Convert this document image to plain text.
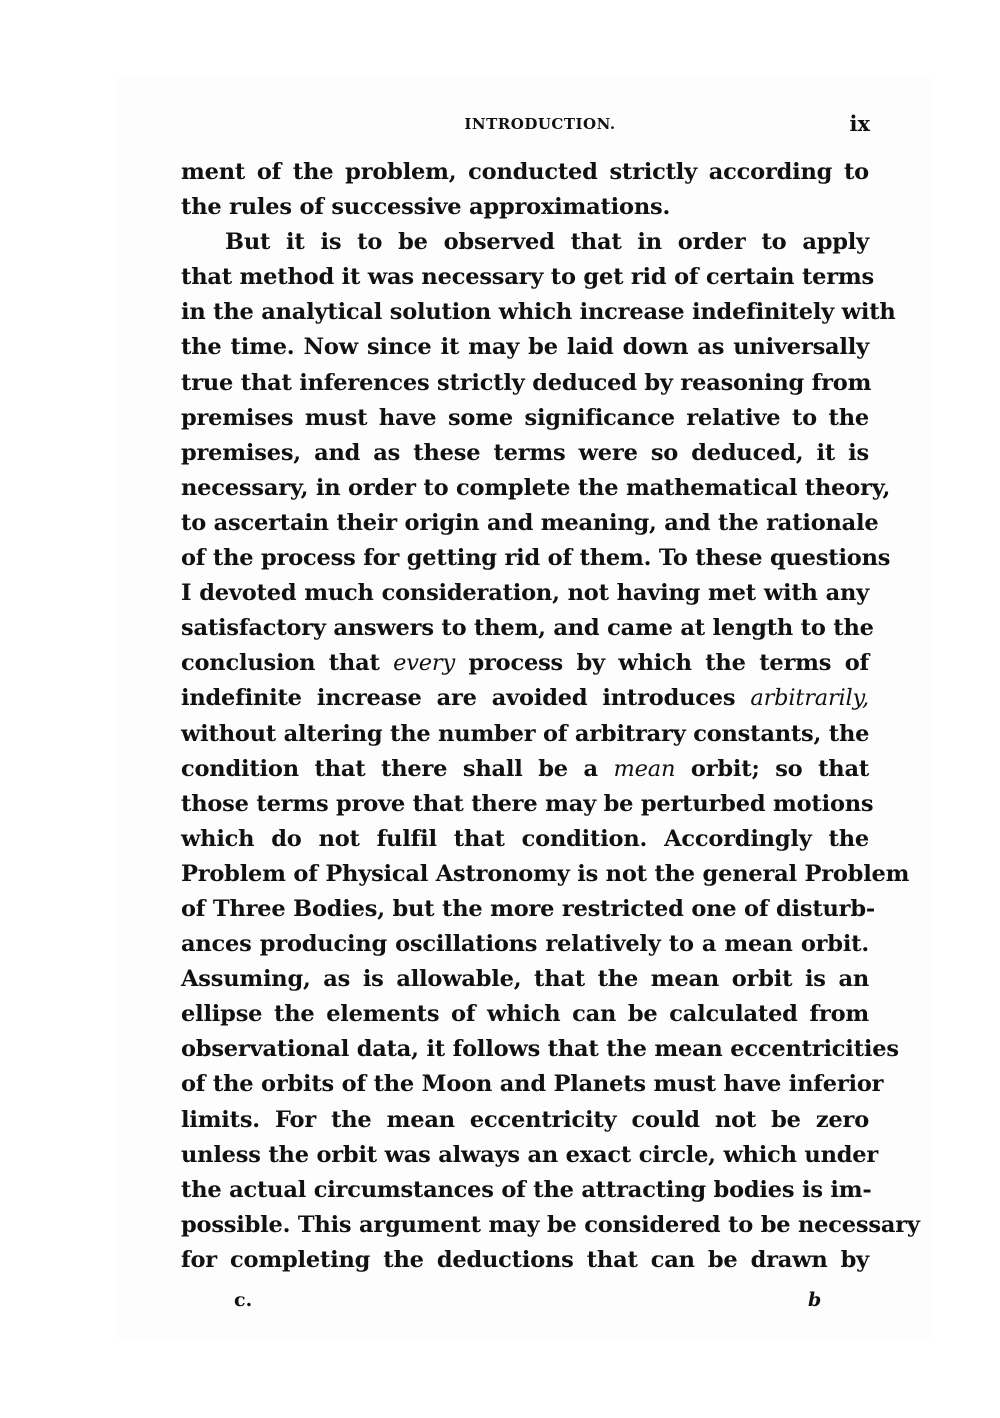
INTRODUCTION.	ix
ment of the problem, conducted strictly according to
the rules of successive approximations.
But it is to be observed that in order to apply
that method it was necessary to get rid of certain terms
in the analytical solution which increase indefinitely with
the time. Now since it may be laid down as universally
true that inferences strictly deduced by reasoning from
premises must have some significance relative to the
premises, and as these terms were so deduced, it is
necessary, in order to complete the mathematical theory,
to ascertain their origin and meaning, and the rationale
of the process for getting rid of them. To these questions
I devoted much consideration, not having met with any
satisfactory answers to them, and came at length to the
conclusion that every process by which the terms of
indefinite increase are avoided introduces arbitrarily,
without altering the number of arbitrary constants, the
condition that there shall be a mean orbit; so that
those terms prove that there may be perturbed motions
which do not fulfil that condition. Accordingly the
Problem of Physical Astronomy is not the general Problem
of Three Bodies, but the more restricted one of disturb-
ances producing oscillations relatively to a mean orbit.
Assuming, as is allowable, that the mean orbit is an
ellipse the elements of which can be calculated from
observational data, it follows that the mean eccentricities
of the orbits of the Moon and Planets must have inferior
limits. For the mean eccentricity could not be zero
unless the orbit was always an exact circle, which under
the actual circumstances of the attracting bodies is im-
possible. This argument may be considered to be necessary
for completing the deductions that can be drawn by
c.	b
